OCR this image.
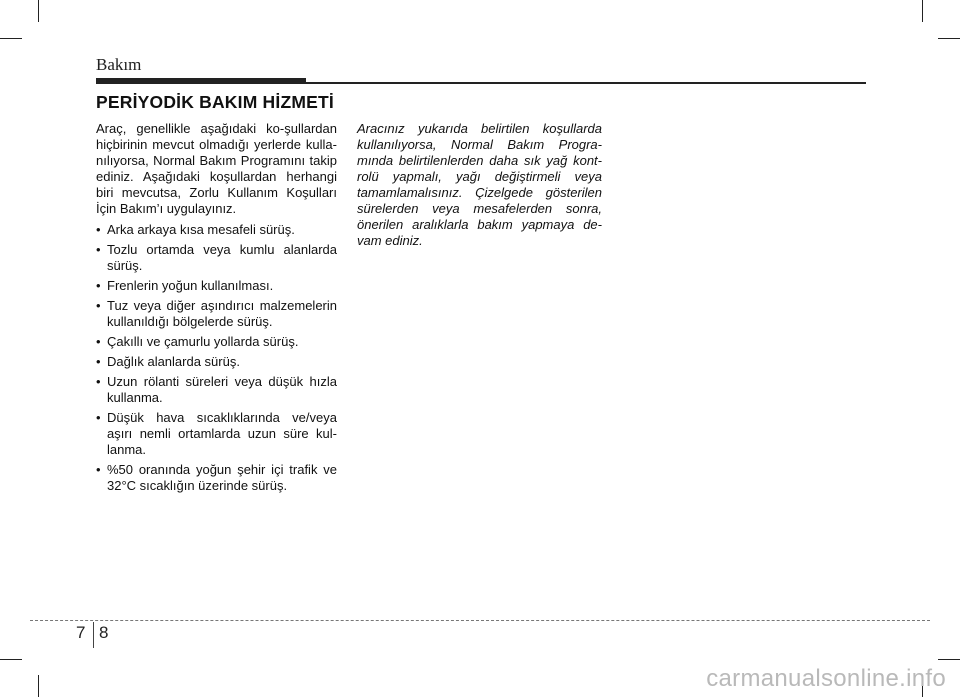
Bakım
PERİYODİK BAKIM HİZMETİ

Araç, genellikle aşağıdaki ko-şullardan hiçbirinin mevcut olmadığı yerlerde kulla-nılıyorsa, Normal Bakım Programını takip ediniz. Aşağıdaki koşullardan herhangi biri mevcutsa, Zorlu Kullanım Koşulları İçin Bakım’ı uygulayınız.

• Arka arkaya kısa mesafeli sürüş.
• Tozlu ortamda veya kumlu alanlarda sürüş.
• Frenlerin yoğun kullanılması.
• Tuz veya diğer aşındırıcı malzemelerin kullanıldığı bölgelerde sürüş.
• Çakıllı ve çamurlu yollarda sürüş.
• Dağlık alanlarda sürüş.
• Uzun rölanti süreleri veya düşük hızla kullanma.
• Düşük hava sıcaklıklarında ve/veya aşırı nemli ortamlarda uzun süre kul-lanma.
• %50 oranında yoğun şehir içi trafik ve 32°C sıcaklığın üzerinde sürüş.

Aracınız yukarıda belirtilen koşullarda kullanılıyorsa, Normal Bakım Progra-mında belirtilenlerden daha sık yağ kont-rolü yapmalı, yağı değiştirmeli veya tamamlamalısınız. Çizelgede gösterilen sürelerden veya mesafelerden sonra, önerilen aralıklarla bakım yapmaya de-vam ediniz.

7 8
carmanualsonline.info
